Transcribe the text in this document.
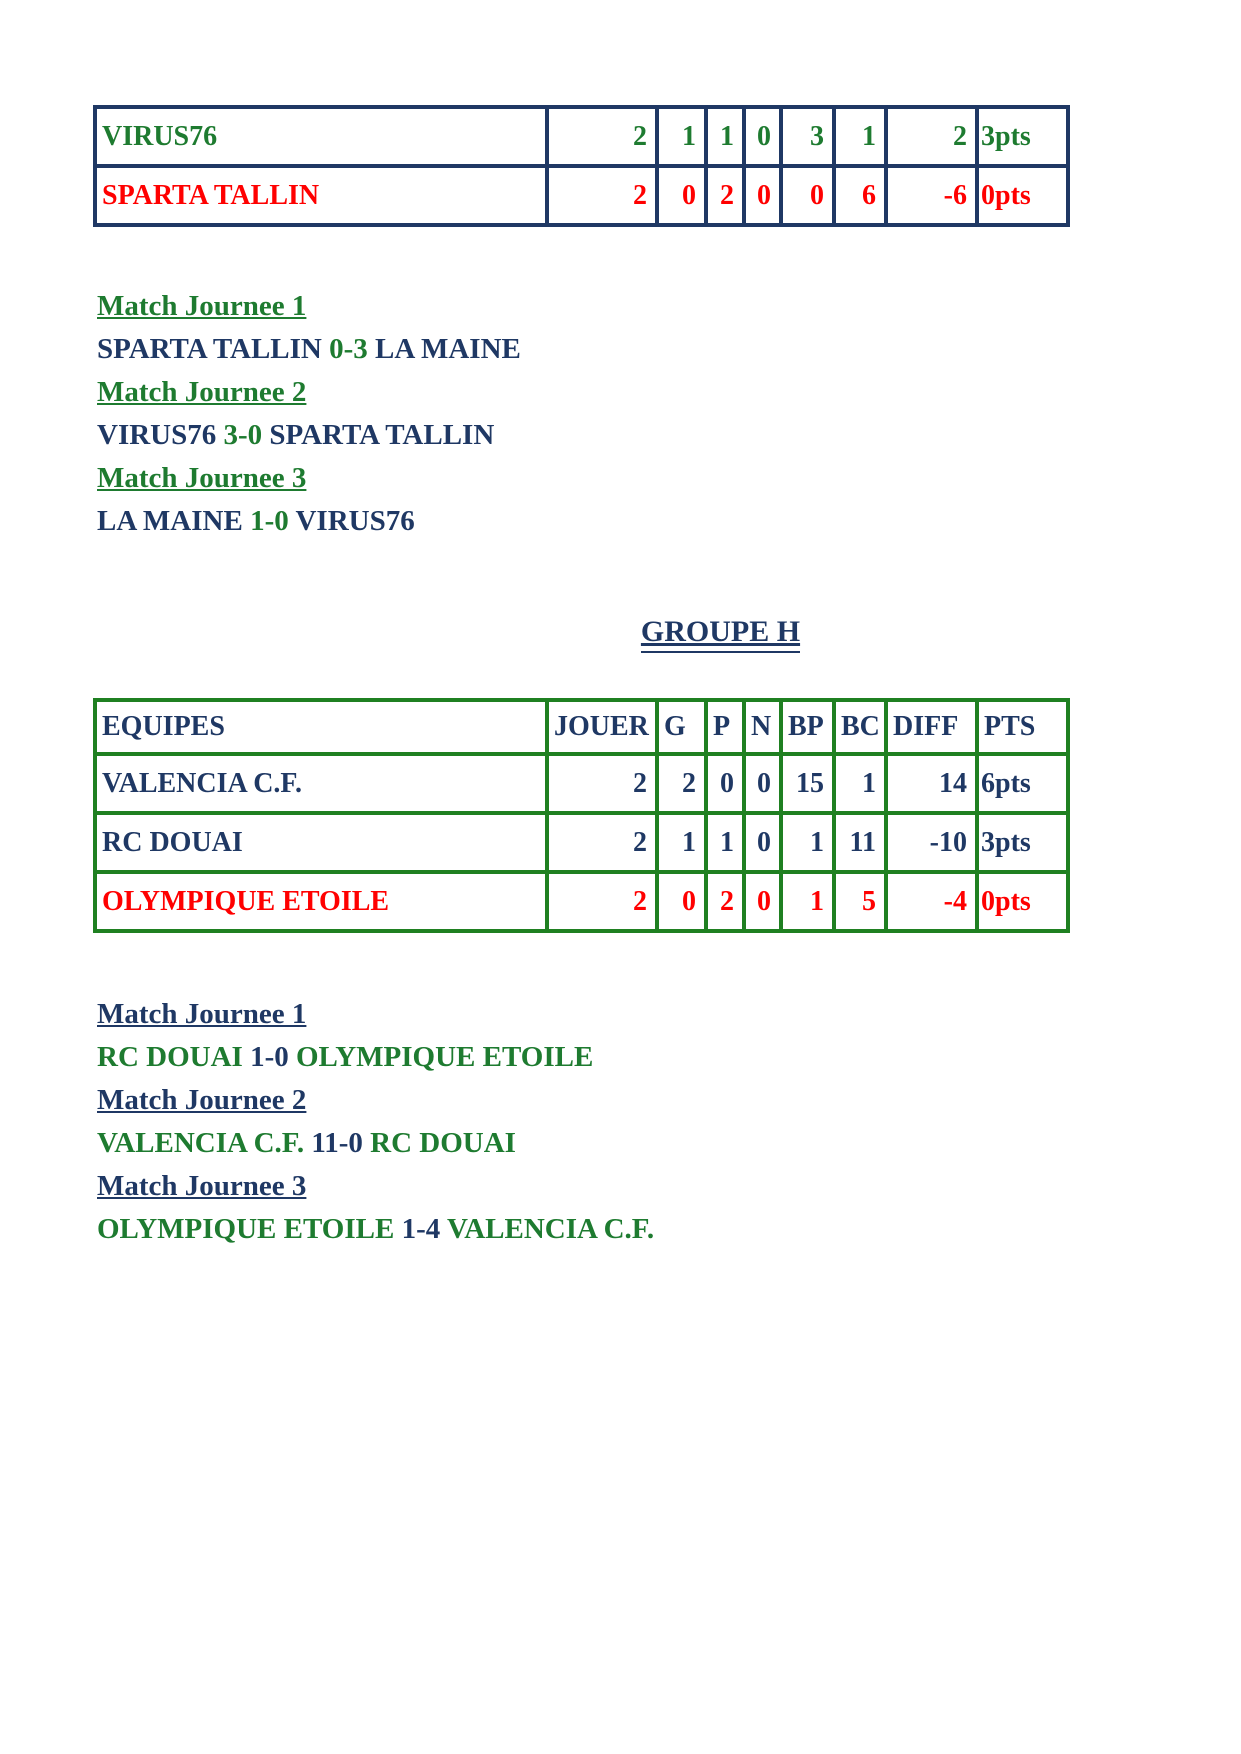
VIRUS76	2	1	1	0	3	1	2	3pts
SPARTA TALLIN	2	0	2	0	0	6	-6	0pts
Match Journee 1
SPARTA TALLIN 0-3 LA MAINE
Match Journee 2
VIRUS76 3-0 SPARTA TALLIN
Match Journee 3
LA MAINE 1-0 VIRUS76
GROUPE H
EQUIPES	JOUER	G	P	N	BP	BC	DIFF	PTS
VALENCIA C.F.	2	2	0	0	15	1	14	6pts
RC DOUAI	2	1	1	0	1	11	-10	3pts
OLYMPIQUE ETOILE	2	0	2	0	1	5	-4	0pts
Match Journee 1
RC DOUAI 1-0 OLYMPIQUE ETOILE
Match Journee 2
VALENCIA C.F. 11-0 RC DOUAI
Match Journee 3
OLYMPIQUE ETOILE 1-4 VALENCIA C.F.
